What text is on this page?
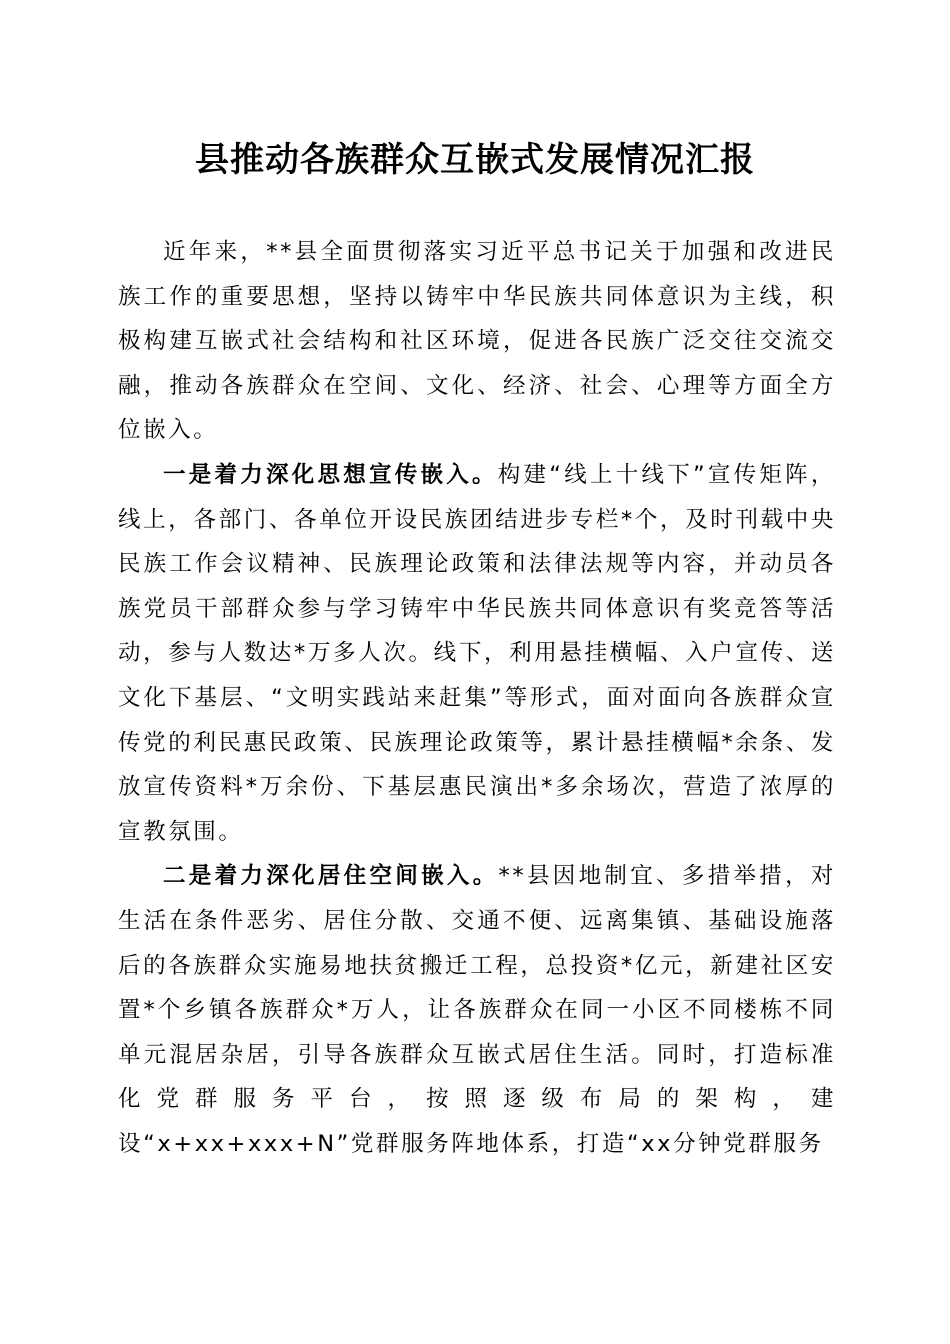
县推动各族群众互嵌式发展情况汇报

近年来，**县全面贯彻落实习近平总书记关于加强和改进民族工作的重要思想，坚持以铸牢中华民族共同体意识为主线，积极构建互嵌式社会结构和社区环境，促进各民族广泛交往交流交融，推动各族群众在空间、文化、经济、社会、心理等方面全方位嵌入。

一是着力深化思想宣传嵌入。构建“线上十线下”宣传矩阵，线上，各部门、各单位开设民族团结进步专栏*个，及时刊载中央民族工作会议精神、民族理论政策和法律法规等内容，并动员各族党员干部群众参与学习铸牢中华民族共同体意识有奖竞答等活动，参与人数达*万多人次。线下，利用悬挂横幅、入户宣传、送文化下基层、“文明实践站来赶集”等形式，面对面向各族群众宣传党的利民惠民政策、民族理论政策等，累计悬挂横幅*余条、发放宣传资料*万余份、下基层惠民演出*多余场次，营造了浓厚的宣教氛围。

二是着力深化居住空间嵌入。**县因地制宜、多措举措，对生活在条件恶劣、居住分散、交通不便、远离集镇、基础设施落后的各族群众实施易地扶贫搬迁工程，总投资*亿元，新建社区安置*个乡镇各族群众*万人，让各族群众在同一小区不同楼栋不同单元混居杂居，引导各族群众互嵌式居住生活。同时，打造标准化党群服务平台，按照逐级布局的架构，建设“x+xx+xxx+N”党群服务阵地体系，打造“xx分钟党群服务
